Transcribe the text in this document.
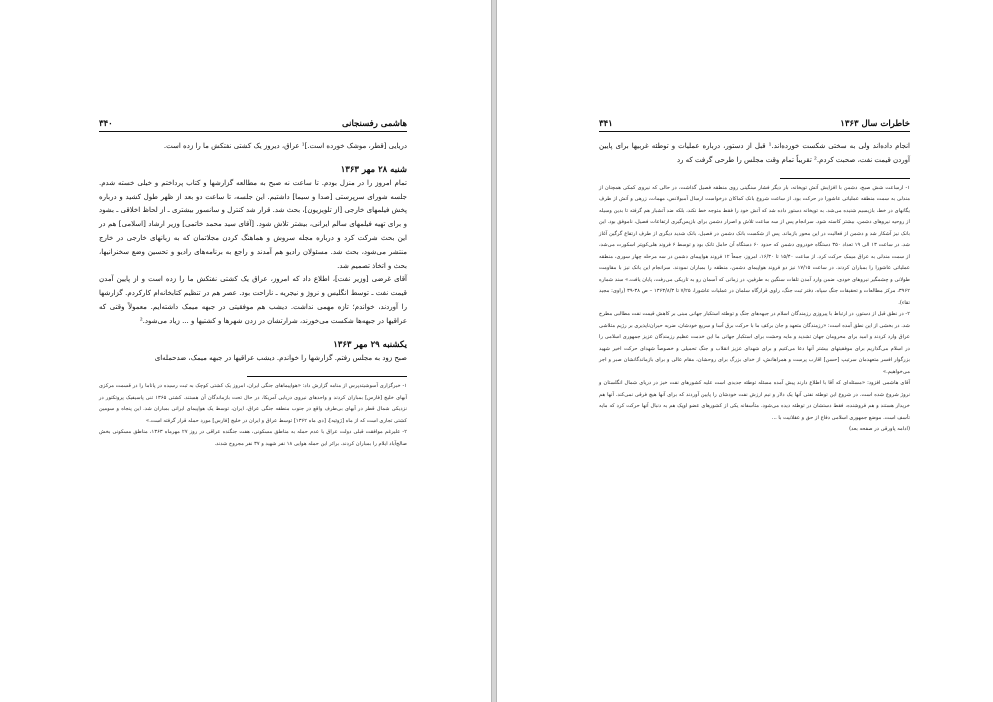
۳۴۰	هاشمی رفسنجانی

دریایی [قطر، موشک خورده است.]¹ عراق، دیروز یک کشتی نفتکش ما را زده است.

شنبه ۲۸ مهر ۱۳۶۳

تمام امروز را در منزل بودم. تا ساعت نه صبح به مطالعه گزارشها و کتاب پرداختم و خیلی خسته شدم. جلسه شورای سرپرستی [صدا و سیما] داشتیم. این جلسه، تا ساعت دو بعد از ظهر طول کشید و درباره پخش فیلمهای خارجی [از تلویزیون]، بحث شد. قرار شد کنترل و سانسور بیشتری ـ از لحاظ اخلاقی ـ بشود و برای تهیه فیلمهای سالم ایرانی، بیشتر تلاش شود. [آقای سید محمد خاتمی] وزیر ارشاد [اسلامی] هم در این بحث شرکت کرد و درباره مجله سروش و هماهنگ کردن مجلاتمان که به زبانهای خارجی در خارج منتشر می‌شود، بحث شد. مسئولان رادیو هم آمدند و راجع به برنامه‌های رادیو و تحسین وضع سخنرانیها، بحث و اتخاذ تصمیم شد.

آقای غرضی [وزیر نفت]، اطلاع داد که امروز، عراق یک کشتی نفتکش ما را زده است و از پایین آمدن قیمت نفت ـ توسط انگلیس و نروژ و نیجریه ـ ناراحت بود. عصر هم در تنظیم کتابخانه‌ام کارکردم. گزارشها را آوردند، خواندم؛ تازه مهمی نداشت. دیشب هم موفقیتی در جبهه میمک داشته‌ایم. معمولاً وقتی که عراقیها در جبهه‌ها شکست می‌خورند، شرارتشان در زدن شهرها و کشتیها و ... زیاد می‌شود.²

یکشنبه ۲۹ مهر ۱۳۶۳

صبح زود به مجلس رفتم. گزارشها را خواندم. دیشب عراقیها در جبهه میمک، ضدحمله‌ای

۱- خبرگزاری آسوشیتدپرس از منامه گزارش داد: «هواپیماهای جنگی ایران، امروز یک کشتی کوچک به ثبت رسیده در پاناما را در قسمت مرکزی آبهای خلیج [فارس] بمباران کردند و واحدهای نیروی دریایی آمریکا، در حال تحت بازماندگان آن هستند. کشتی ۱۳۶۵ تنی پاسیفیک پروتکتور در نزدیکی شمال قطر در آبهای بی‌طرف واقع در جنوب منطقه جنگی عراق، ایران، توسط یک هواپیمای ایرانی بمباران شد. این پنجاه و سومین کشتی تجاری است که از ماه [ژوئیه]، [دی ماه ۱۳۶۲] توسط عراق و ایران در خلیج [فارس] مورد حمله قرار گرفته است.»

۲- علیرغم موافقت قبلی دولت عراق با عدم حمله به مناطق مسکونی، هفت جنگنده عراقی در روز ۲۷ مهرماه ۱۳۶۳، مناطق مسکونی بخش صالح‌آباد ایلام را بمباران کردند. براثر این حمله هوایی ۱۸ نفر شهید و ۳۷ نفر مجروح شدند.

۳۴۱	خاطرات سال ۱۳۶۳

انجام داده‌اند ولی به سختی شکست خورده‌اند.¹ قبل از دستور، درباره عملیات و توطئه غربیها برای پایین آوردن قیمت نفت، صحبت کردم.² تقریباً تمام وقت مجلس را طرحی گرفت که رد

۱- ارساعت شش صبح، دشمن با افزایش آتش توپخانه، بار دیگر فشار سنگینی روی منطقه فصیل گذاشت، در حالی که نیروی کمکی همچنان از مندلی به سمت منطقه عملیاتی عاشورا در حرکت بود. از ساعت شروع بانک کماکان درخواست ارسال آمبولانس، مهمات، زرهی و آتش از طرف یگانهای در خط، بازیسیم شنیده می‌شد. به توپخانه دستور داده شد که آتش خود را فقط متوجه خط نکند، بلکه ضد آتشبار هم گرفته تا بدین وسیله از روحیه نیروهای دشمن، بیشتر کاسته شود. سرانجام پس از سه ساعت تلاش و اصرار دشمن برای بازپس‌گیری ارتفاعات فصیل، ناموفق بود. این بانک نیز آشکار شد و دشمن از فعالیت در این محور بازماند. پس از شکست بانک دشمن در فصیل، بانک شدید دیگری از طرف ارتفاع گرگین آغاز شد. در ساعت ۱۳ الی ۱۹ تعداد ۳۵۰ دستگاه خودروی دشمن که حدود ۶۰ دستگاه آن حامل تانک بود و توسط ۶ فروند هلی‌کوپتر اسکورت می‌شد، از سمت مندلی به عراق میمک حرکت کرد. از ساعت ۱۵/۴۰ تا ۱۶/۳۰، امروز، جمعاً ۱۲ فروند هواپیمای دشمن در سه مرحله چهار سوری، منطقه عملیاتی عاشورا را بمباران کردند. در ساعت ۱۷/۱۵ نیز دو فروند هواپیمای دشمن، منطقه را بمباران نمودند. سرانجام این بانک نیز با مقاومت طولانی و چشمگیر نیروهای خودی، ضمن وارد آمدن تلفات سنگین به طرفین، در زمانی که آسمان رو به تاریکی می‌رفت، پایان یافت.» سند شماره ۳۹۶۲، مرکز مطالعات و تحقیقات جنگ سپاه، دفتر ثبت جنگ، راوی قرارگاه سلمان در عملیات عاشورا، ۷/۲۵ تا ۱۳۶۳/۸/۳ – ص ۳۸-۳۹ (راوی: مجید تقاء).

۲- در نطق قبل از دستور، در ارتباط با پیروزی رزمندگان اسلام در جبهه‌های جنگ و توطئه استکبار جهانی مبنی بر کاهش قیمت نفت مطالبی مطرح شد. در بخشی از این نطق آمده است: «رزمندگان متعهد و جان برکف ما با حرکت برق آسا و سریع خودشان، ضربه حیران‌ناپذیری بر رژیم متلاشی عراق وارد کردند و امید برای محرومان جهان تشدید و مایه وحشت برای استکبار جهانی ما این خدمت عظیم رزمندگان عزیز جمهوری اسلامی را در اسلام می‌گذاریم برای موفقیتهای بیشتر آنها دعا می‌کنیم و برای شهدای عزیز انقلاب و جنگ تحمیلی و خصوصاً شهدای حرکت اخیر شهید بزرگوار افسر متعهدمان سرتیپ [حسن] اقارب پرست و همراهانش، از خدای بزرگ برای روحشان، مقام عالی و برای بازماندگانشان صبر و اجر می‌خواهیم.»

آقای هاشمی افزود: «مسئله‌ای که آقا با اطلاع دارند پیش آمده مسئله توطئه جدیدی است علیه کشورهای نفت خیز در دریای شمال انگلستان و نروژ شروع شده است. در شروع این توطئه نفتی آنها یک دلار و نیم ارزش نفت خودشان را پایین آوردند که برای آنها هیچ فرقی نمی‌کند. آنها هم خریدار هستند و هم فروشنده، فقط دستشان در توطئه دیده می‌شود. متأسفانه یکی از کشورهای عضو اوپک هم به دنبال آنها حرکت کرد که مایه تأسف است. موضع جمهوری اسلامی دفاع از حق و عقلانیت با ...

(ادامه پاورقی در صفحه بعد)
